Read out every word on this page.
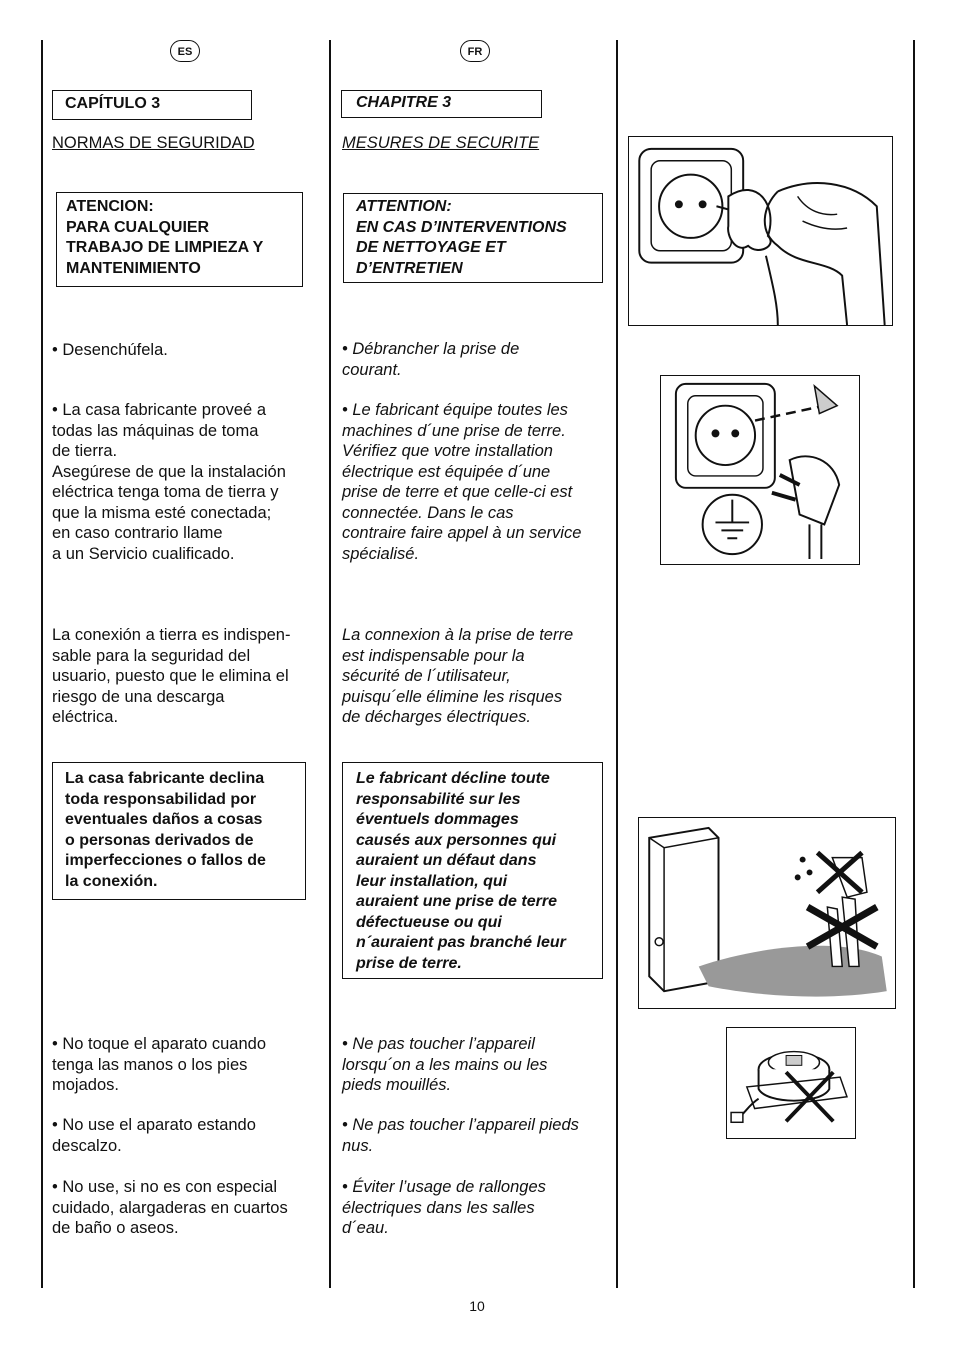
ES
CAPÍTULO 3

NORMAS DE SEGURIDAD

ATENCION:
PARA CUALQUIER
TRABAJO DE LIMPIEZA Y
MANTENIMIENTO

• Desenchúfela.

• La casa fabricante proveé a
todas las máquinas de toma
de tierra.
Asegúrese de que la instalación
eléctrica tenga toma de tierra y
que la misma esté conectada;
en caso contrario llame
a un Servicio cualificado.

La conexión a tierra es indispen-
sable para la seguridad del
usuario, puesto que le elimina el
riesgo de una descarga
eléctrica.

La casa fabricante declina
toda responsabilidad por
eventuales daños a cosas
o personas derivados de
imperfecciones o fallos de
la conexión.

• No toque el aparato cuando
tenga las manos o los pies
mojados.

• No use el aparato estando
descalzo.

• No use, si no es con especial
cuidado, alargaderas en cuartos
de baño o aseos.

FR
CHAPITRE 3

MESURES DE SECURITE

ATTENTION:
EN CAS D’INTERVENTIONS
DE NETTOYAGE ET
D’ENTRETIEN

• Débrancher la prise de
courant.

• Le fabricant équipe toutes les
machines d´une prise de terre.
Vérifiez que votre installation
électrique est équipée d´une
prise de terre et que celle-ci est
connectée. Dans le cas
contraire faire appel à un service
spécialisé.

La connexion à la prise de terre
est indispensable pour la
sécurité de l´utilisateur,
puisqu´elle élimine les risques
de décharges électriques.

Le fabricant décline toute
responsabilité sur les
éventuels dommages
causés aux personnes qui
auraient un défaut dans
leur installation, qui
auraient une prise de terre
défectueuse ou qui
n´auraient pas branché leur
prise de terre.

• Ne pas toucher l’appareil
lorsqu´on a les mains ou les
pieds mouillés.

• Ne pas toucher l’appareil pieds
nus.

• Éviter l’usage de rallonges
électriques dans les salles
d´eau.

10
